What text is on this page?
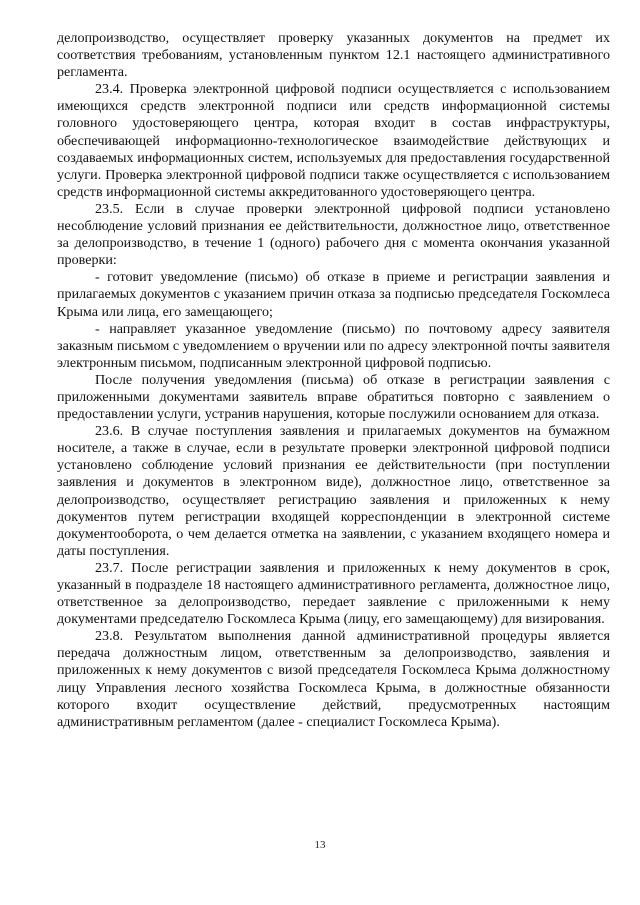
делопроизводство, осуществляет проверку указанных документов на предмет их соответствия требованиям, установленным пунктом 12.1 настоящего административного регламента.

23.4. Проверка электронной цифровой подписи осуществляется с использованием имеющихся средств электронной подписи или средств информационной системы головного удостоверяющего центра, которая входит в состав инфраструктуры, обеспечивающей информационно-технологическое взаимодействие действующих и создаваемых информационных систем, используемых для предоставления государственной услуги. Проверка электронной цифровой подписи также осуществляется с использованием средств информационной системы аккредитованного удостоверяющего центра.

23.5. Если в случае проверки электронной цифровой подписи установлено несоблюдение условий признания ее действительности, должностное лицо, ответственное за делопроизводство, в течение 1 (одного) рабочего дня с момента окончания указанной проверки:

- готовит уведомление (письмо) об отказе в приеме и регистрации заявления и прилагаемых документов с указанием причин отказа за подписью председателя Госкомлеса Крыма или лица, его замещающего;

- направляет указанное уведомление (письмо) по почтовому адресу заявителя заказным письмом с уведомлением о вручении или по адресу электронной почты заявителя электронным письмом, подписанным электронной цифровой подписью.

После получения уведомления (письма) об отказе в регистрации заявления с приложенными документами заявитель вправе обратиться повторно с заявлением о предоставлении услуги, устранив нарушения, которые послужили основанием для отказа.

23.6. В случае поступления заявления и прилагаемых документов на бумажном носителе, а также в случае, если в результате проверки электронной цифровой подписи установлено соблюдение условий признания ее действительности (при поступлении заявления и документов в электронном виде), должностное лицо, ответственное за делопроизводство, осуществляет регистрацию заявления и приложенных к нему документов путем регистрации входящей корреспонденции в электронной системе документооборота, о чем делается отметка на заявлении, с указанием входящего номера и даты поступления.

23.7. После регистрации заявления и приложенных к нему документов в срок, указанный в подразделе 18 настоящего административного регламента, должностное лицо, ответственное за делопроизводство, передает заявление с приложенными к нему документами председателю Госкомлеса Крыма (лицу, его замещающему) для визирования.

23.8. Результатом выполнения данной административной процедуры является передача должностным лицом, ответственным за делопроизводство, заявления и приложенных к нему документов с визой председателя Госкомлеса Крыма должностному лицу Управления лесного хозяйства Госкомлеса Крыма, в должностные обязанности которого входит осуществление действий, предусмотренных настоящим административным регламентом (далее - специалист Госкомлеса Крыма).

13
